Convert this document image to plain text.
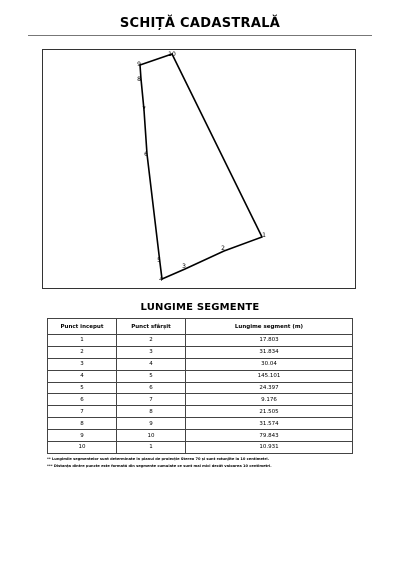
SCHIȚĂ CADASTRALĂ
1
2
3
4
5
6
7
8
9
10
LUNGIME SEGMENTE
Punct inceput	Punct sfârșit	Lungime segment (m)
1	2	17.803
2	3	31.834
3	4	30.04
4	5	145.101
5	6	24.397
6	7	9.176
7	8	21.505
8	9	31.574
9	10	79.843
10	1	10.931
** Lungimile segmentelor sunt determinate în planul de proiecție Stereo 70 și sunt rotunjite la 10 centimetri.
*** Distanța dintre puncte este formată din segmente cumulate ce sunt mai mici decât valoarea 10 centimetri.
